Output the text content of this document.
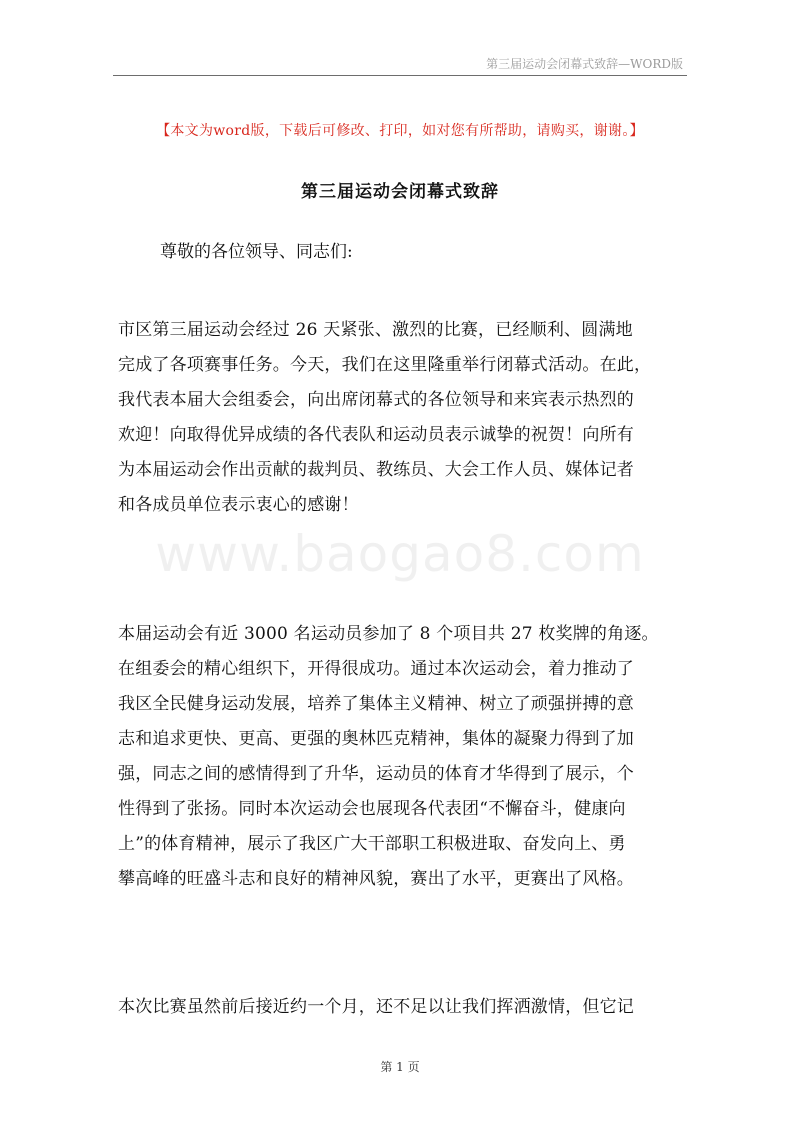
第三届运动会闭幕式致辞—WORD版
【本文为word版，下载后可修改、打印，如对您有所帮助，请购买，谢谢。】
第三届运动会闭幕式致辞
尊敬的各位领导、同志们:
市区第三届运动会经过 26 天紧张、激烈的比赛，已经顺利、圆满地
完成了各项赛事任务。今天，我们在这里隆重举行闭幕式活动。在此，
我代表本届大会组委会，向出席闭幕式的各位领导和来宾表示热烈的
欢迎！向取得优异成绩的各代表队和运动员表示诚挚的祝贺！向所有
为本届运动会作出贡献的裁判员、教练员、大会工作人员、媒体记者
和各成员单位表示衷心的感谢！
www.baogao8.com
本届运动会有近 3000 名运动员参加了 8 个项目共 27 枚奖牌的角逐。
在组委会的精心组织下，开得很成功。通过本次运动会，着力推动了
我区全民健身运动发展，培养了集体主义精神、树立了顽强拼搏的意
志和追求更快、更高、更强的奥林匹克精神，集体的凝聚力得到了加
强，同志之间的感情得到了升华，运动员的体育才华得到了展示，个
性得到了张扬。同时本次运动会也展现各代表团“不懈奋斗，健康向
上”的体育精神，展示了我区广大干部职工积极进取、奋发向上、勇
攀高峰的旺盛斗志和良好的精神风貌，赛出了水平，更赛出了风格。
本次比赛虽然前后接近约一个月，还不足以让我们挥洒激情，但它记
第 1 页
